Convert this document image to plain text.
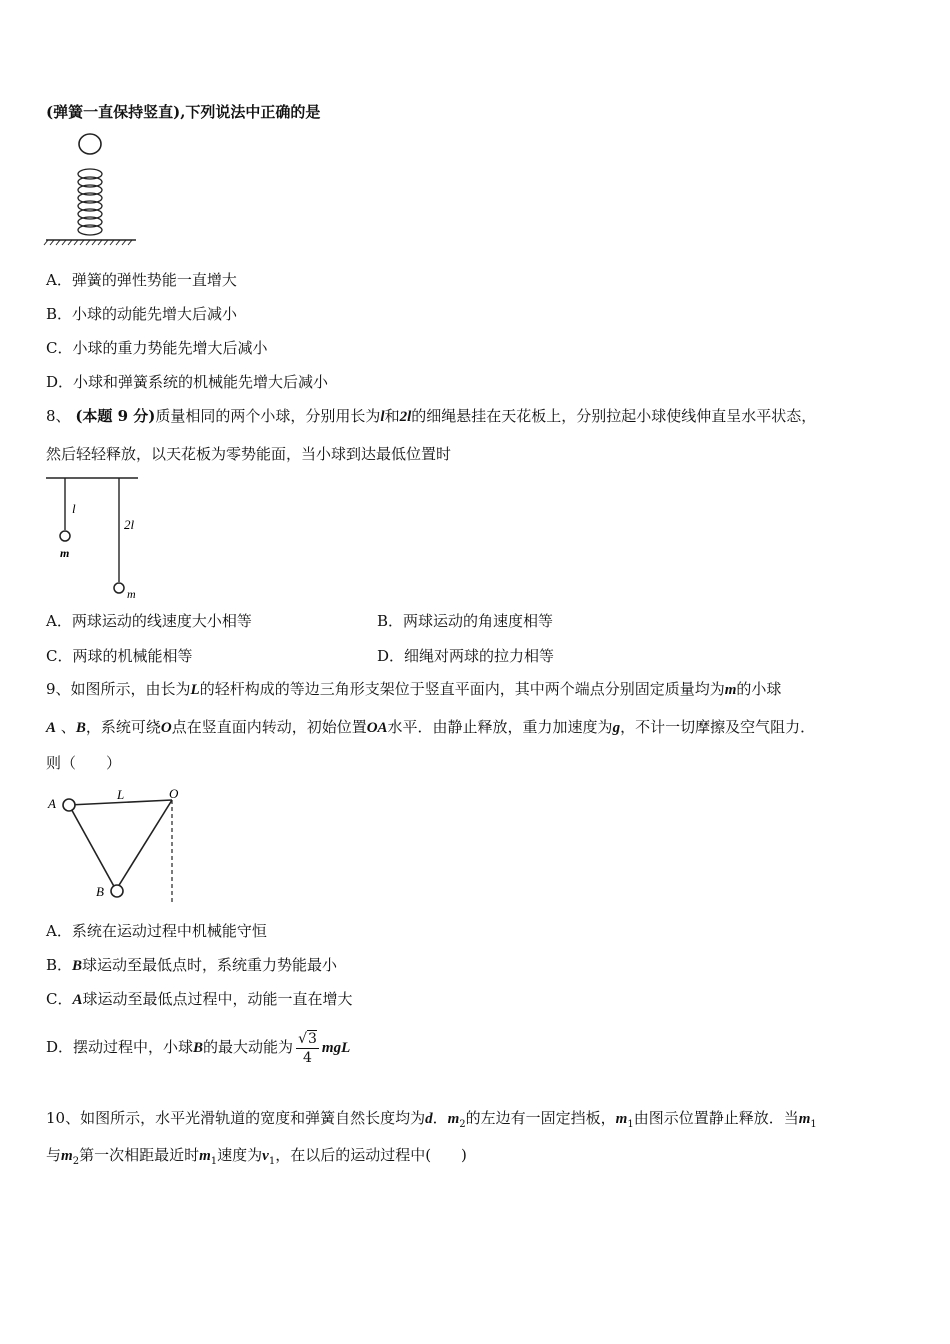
(弹簧一直保持竖直),下列说法中正确的是
A．弹簧的弹性势能一直增大
B．小球的动能先增大后减小
C．小球的重力势能先增大后减小
D．小球和弹簧系统的机械能先增大后减小
8、 (本题 9 分)质量相同的两个小球，分别用长为l和2l的细绳悬挂在天花板上，分别拉起小球使线伸直呈水平状态，
然后轻轻释放，以天花板为零势能面，当小球到达最低位置时
l
2l
m
m
A．两球运动的线速度大小相等	B．两球运动的角速度相等
C．两球的机械能相等	D．细绳对两球的拉力相等
9、如图所示，由长为L的轻杆构成的等边三角形支架位于竖直平面内，其中两个端点分别固定质量均为m的小球
A 、B，系统可绕O点在竖直面内转动，初始位置OA水平．由静止释放，重力加速度为g，不计一切摩擦及空气阻力．
则（　　）
A
L	O
B
A．系统在运动过程中机械能守恒
B．B球运动至最低点时，系统重力势能最小
C．A球运动至最低点过程中，动能一直在增大
D．摆动过程中，小球B的最大动能为 $\frac{√3}{4}$ mgL
10、如图所示，水平光滑轨道的宽度和弹簧自然长度均为d．$m_2$的左边有一固定挡板，$m_1$由图示位置静止释放．当$m_1$
与$m_2$第一次相距最近时$m_1$速度为$v_1$，在以后的运动过程中(　　)
